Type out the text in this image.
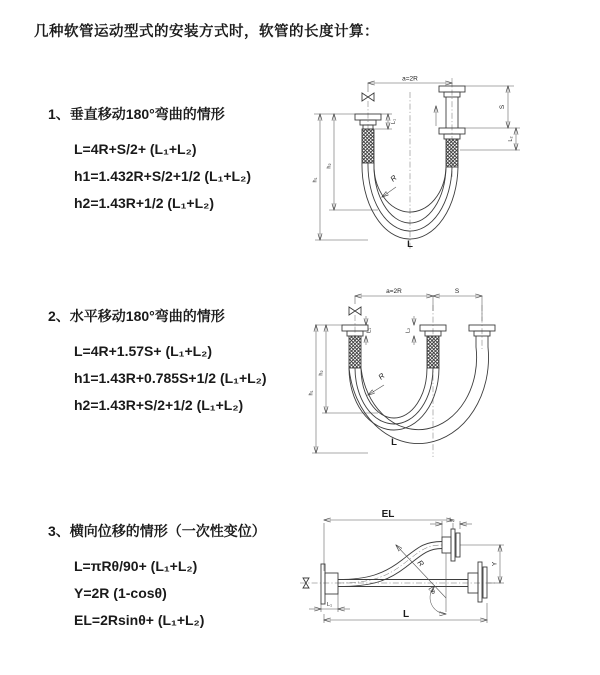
几种软管运动型式的安装方式时，软管的长度计算：
1、垂直移动180°弯曲的情形
L=4R+S/2+ (L₁+L₂)
h1=1.432R+S/2+1/2 (L₁+L₂)
h2=1.43R+1/2 (L₁+L₂)
2、水平移动180°弯曲的情形
L=4R+1.57S+ (L₁+L₂)
h1=1.43R+0.785S+1/2 (L₁+L₂)
h2=1.43R+S/2+1/2 (L₁+L₂)
3、横向位移的情形（一次性变位）
L=πRθ/90+ (L₁+L₂)
Y=2R (1-cosθ)
EL=2Rsinθ+ (L₁+L₂)
a=2R
h₁
h₂
L₁
S
L₂
R
L
a=2R	S
h₁
h₂
L₁	L₂
R
L
EL
L₂
Y
L₁
L
θ
R
